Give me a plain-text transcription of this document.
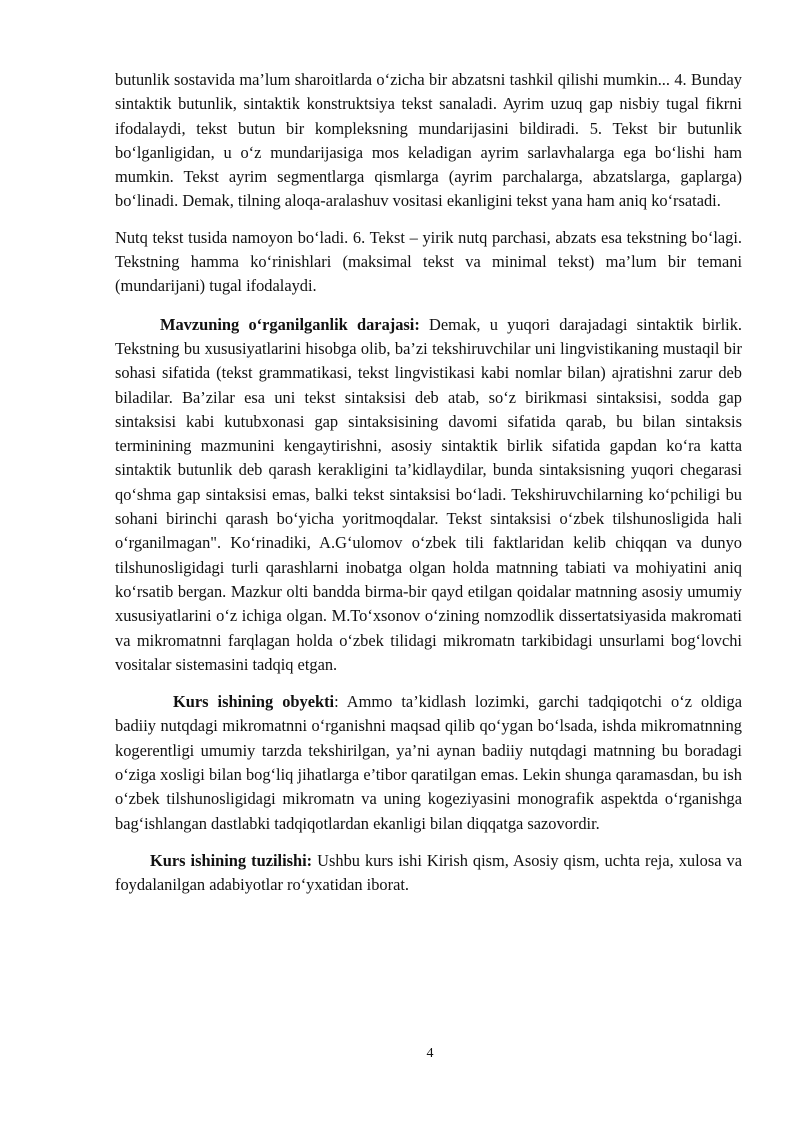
butunlik sostavida ma’lum sharoitlarda o‘zicha bir abzatsni tashkil qilishi mumkin... 4. Bunday sintaktik butunlik, sintaktik konstruktsiya tekst sanaladi. Ayrim uzuq gap nisbiy tugal fikrni ifodalaydi, tekst butun bir kompleksning mundarijasini bildiradi. 5. Tekst bir butunlik bo‘lganligidan, u o‘z mundarijasiga mos keladigan ayrim sarlavhalarga ega bo‘lishi ham mumkin. Tekst ayrim segmentlarga qismlarga (ayrim parchalarga, abzatslarga, gaplarga) bo‘linadi. Demak, tilning aloqa-aralashuv vositasi ekanligini tekst yana ham aniq ko‘rsatadi.

Nutq tekst tusida namoyon bo‘ladi. 6. Tekst – yirik nutq parchasi, abzats esa tekstning bo‘lagi. Tekstning hamma ko‘rinishlari (maksimal tekst va minimal tekst) ma’lum bir temani (mundarijani) tugal ifodalaydi.

Mavzuning o‘rganilganlik darajasi: Demak, u yuqori darajadagi sintaktik birlik. Tekstning bu xususiyatlarini hisobga olib, ba’zi tekshiruvchilar uni lingvistikaning mustaqil bir sohasi sifatida (tekst grammatikasi, tekst lingvistikasi kabi nomlar bilan) ajratishni zarur deb biladilar. Ba’zilar esa uni tekst sintaksisi deb atab, so‘z birikmasi sintaksisi, sodda gap sintaksisi kabi kutubxonasi gap sintaksisining davomi sifatida qarab, bu bilan sintaksis terminining mazmunini kengaytirishni, asosiy sintaktik birlik sifatida gapdan ko‘ra katta sintaktik butunlik deb qarash kerakligini ta’kidlaydilar, bunda sintaksisning yuqori chegarasi qo‘shma gap sintaksisi emas, balki tekst sintaksisi bo‘ladi. Tekshiruvchilarning ko‘pchiligi bu sohani birinchi qarash bo‘yicha yoritmoqdalar. Tekst sintaksisi o‘zbek tilshunosligida hali o‘rganilmagan". Ko‘rinadiki, A.G‘ulomov o‘zbek tili faktlaridan kelib chiqqan va dunyo tilshunosligidagi turli qarashlarni inobatga olgan holda matnning tabiati va mohiyatini aniq ko‘rsatib bergan. Mazkur olti bandda birma-bir qayd etilgan qoidalar matnning asosiy umumiy xususiyatlarini o‘z ichiga olgan. M.To‘xsonov o‘zining nomzodlik dissertatsiyasida makromati va mikromatnni farqlagan holda o‘zbek tilidagi mikromatn tarkibidagi unsurlami bog‘lovchi vositalar sistemasini tadqiq etgan.

Kurs ishining obyekti: Ammo ta’kidlash lozimki, garchi tadqiqotchi o‘z oldiga badiiy nutqdagi mikromatnni o‘rganishni maqsad qilib qo‘ygan bo‘lsada, ishda mikromatnning kogerentligi umumiy tarzda tekshirilgan, ya’ni aynan badiiy nutqdagi matnning bu boradagi o‘ziga xosligi bilan bog‘liq jihatlarga e’tibor qaratilgan emas. Lekin shunga qaramasdan, bu ish o‘zbek tilshunosligidagi mikromatn va uning kogeziyasini monografik aspektda o‘rganishga bag‘ishlangan dastlabki tadqiqotlardan ekanligi bilan diqqatga sazovordir.

Kurs ishining tuzilishi: Ushbu kurs ishi Kirish qism, Asosiy qism, uchta reja, xulosa va foydalanilgan adabiyotlar ro‘yxatidan iborat.

4
